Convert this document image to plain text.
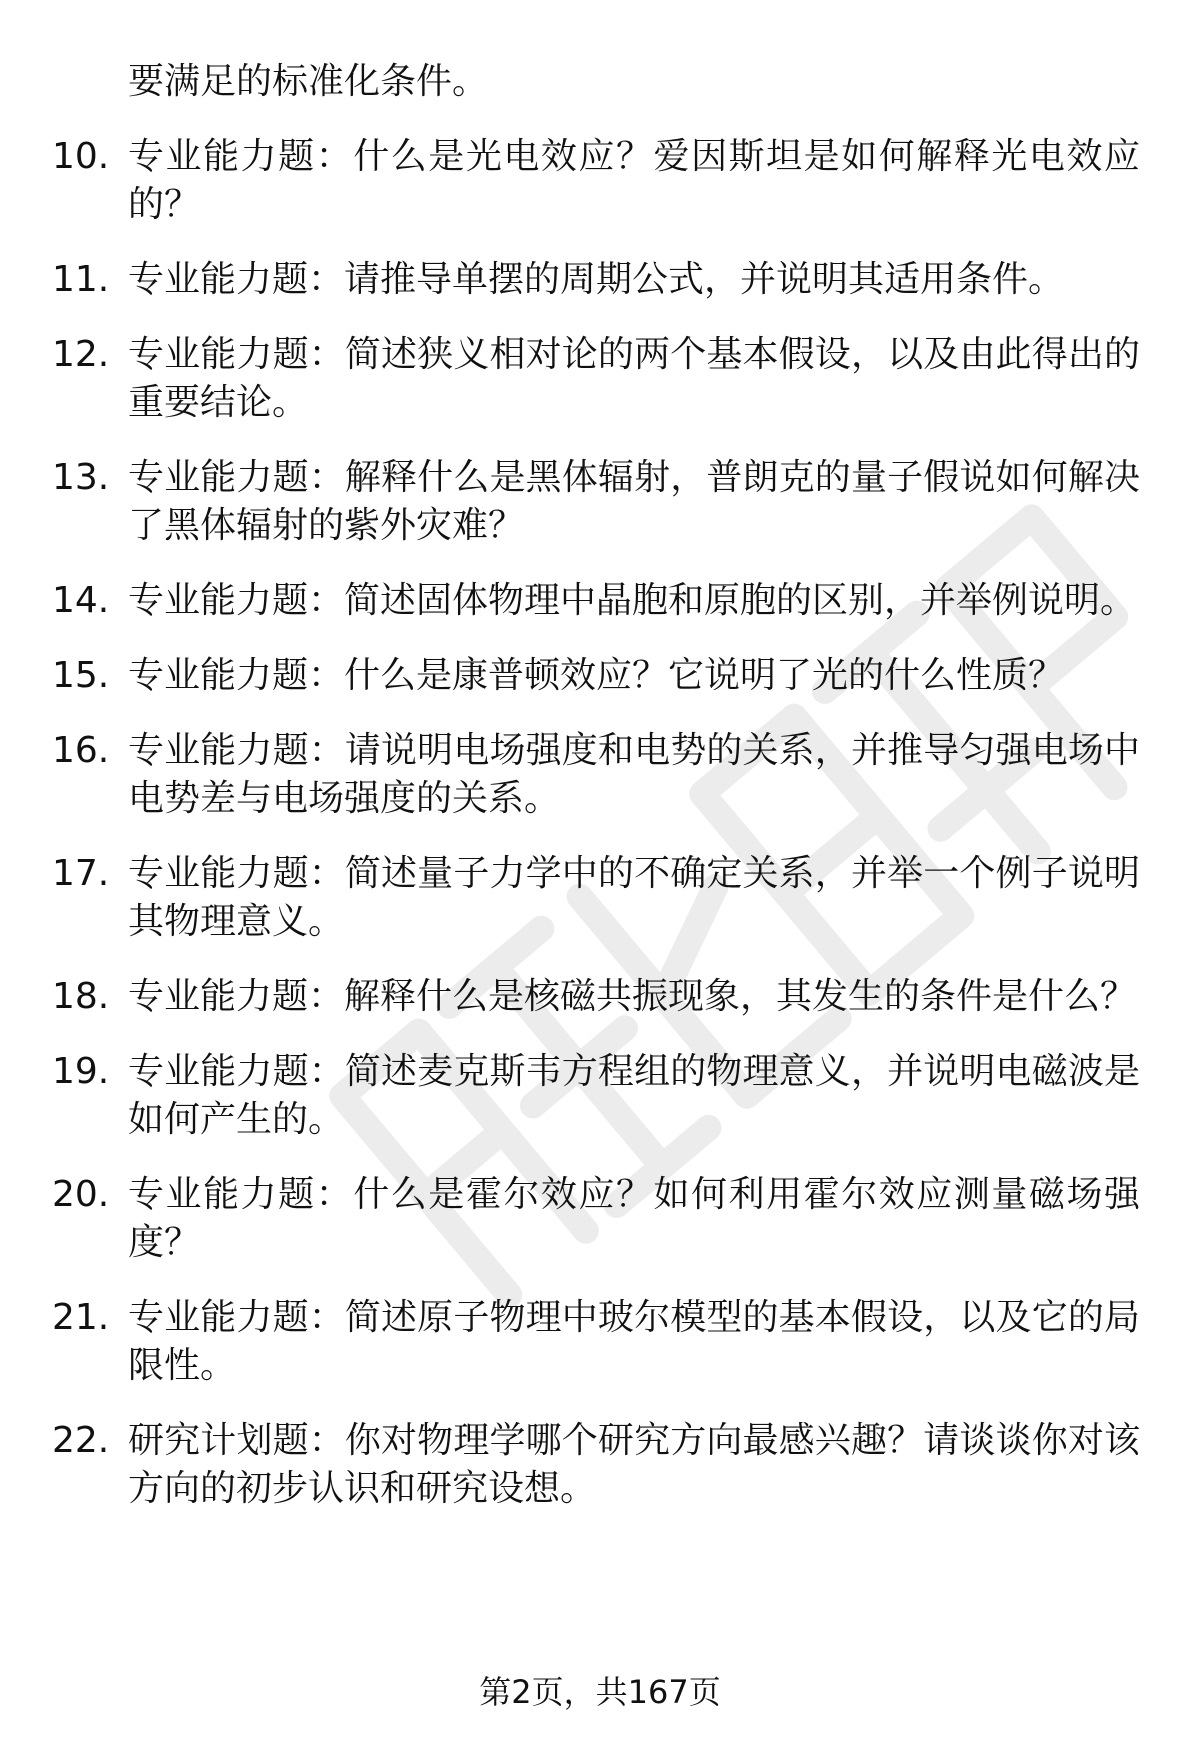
要满足的标准化条件。
10. 专业能力题：什么是光电效应？爱因斯坦是如何解释光电效应的？
11. 专业能力题：请推导单摆的周期公式，并说明其适用条件。
12. 专业能力题：简述狭义相对论的两个基本假设，以及由此得出的重要结论。
13. 专业能力题：解释什么是黑体辐射，普朗克的量子假说如何解决了黑体辐射的紫外灾难？
14. 专业能力题：简述固体物理中晶胞和原胞的区别，并举例说明。
15. 专业能力题：什么是康普顿效应？它说明了光的什么性质？
16. 专业能力题：请说明电场强度和电势的关系，并推导匀强电场中电势差与电场强度的关系。
17. 专业能力题：简述量子力学中的不确定关系，并举一个例子说明其物理意义。
18. 专业能力题：解释什么是核磁共振现象，其发生的条件是什么？
19. 专业能力题：简述麦克斯韦方程组的物理意义，并说明电磁波是如何产生的。
20. 专业能力题：什么是霍尔效应？如何利用霍尔效应测量磁场强度？
21. 专业能力题：简述原子物理中玻尔模型的基本假设，以及它的局限性。
22. 研究计划题：你对物理学哪个研究方向最感兴趣？请谈谈你对该方向的初步认识和研究设想。
第2页，共167页
